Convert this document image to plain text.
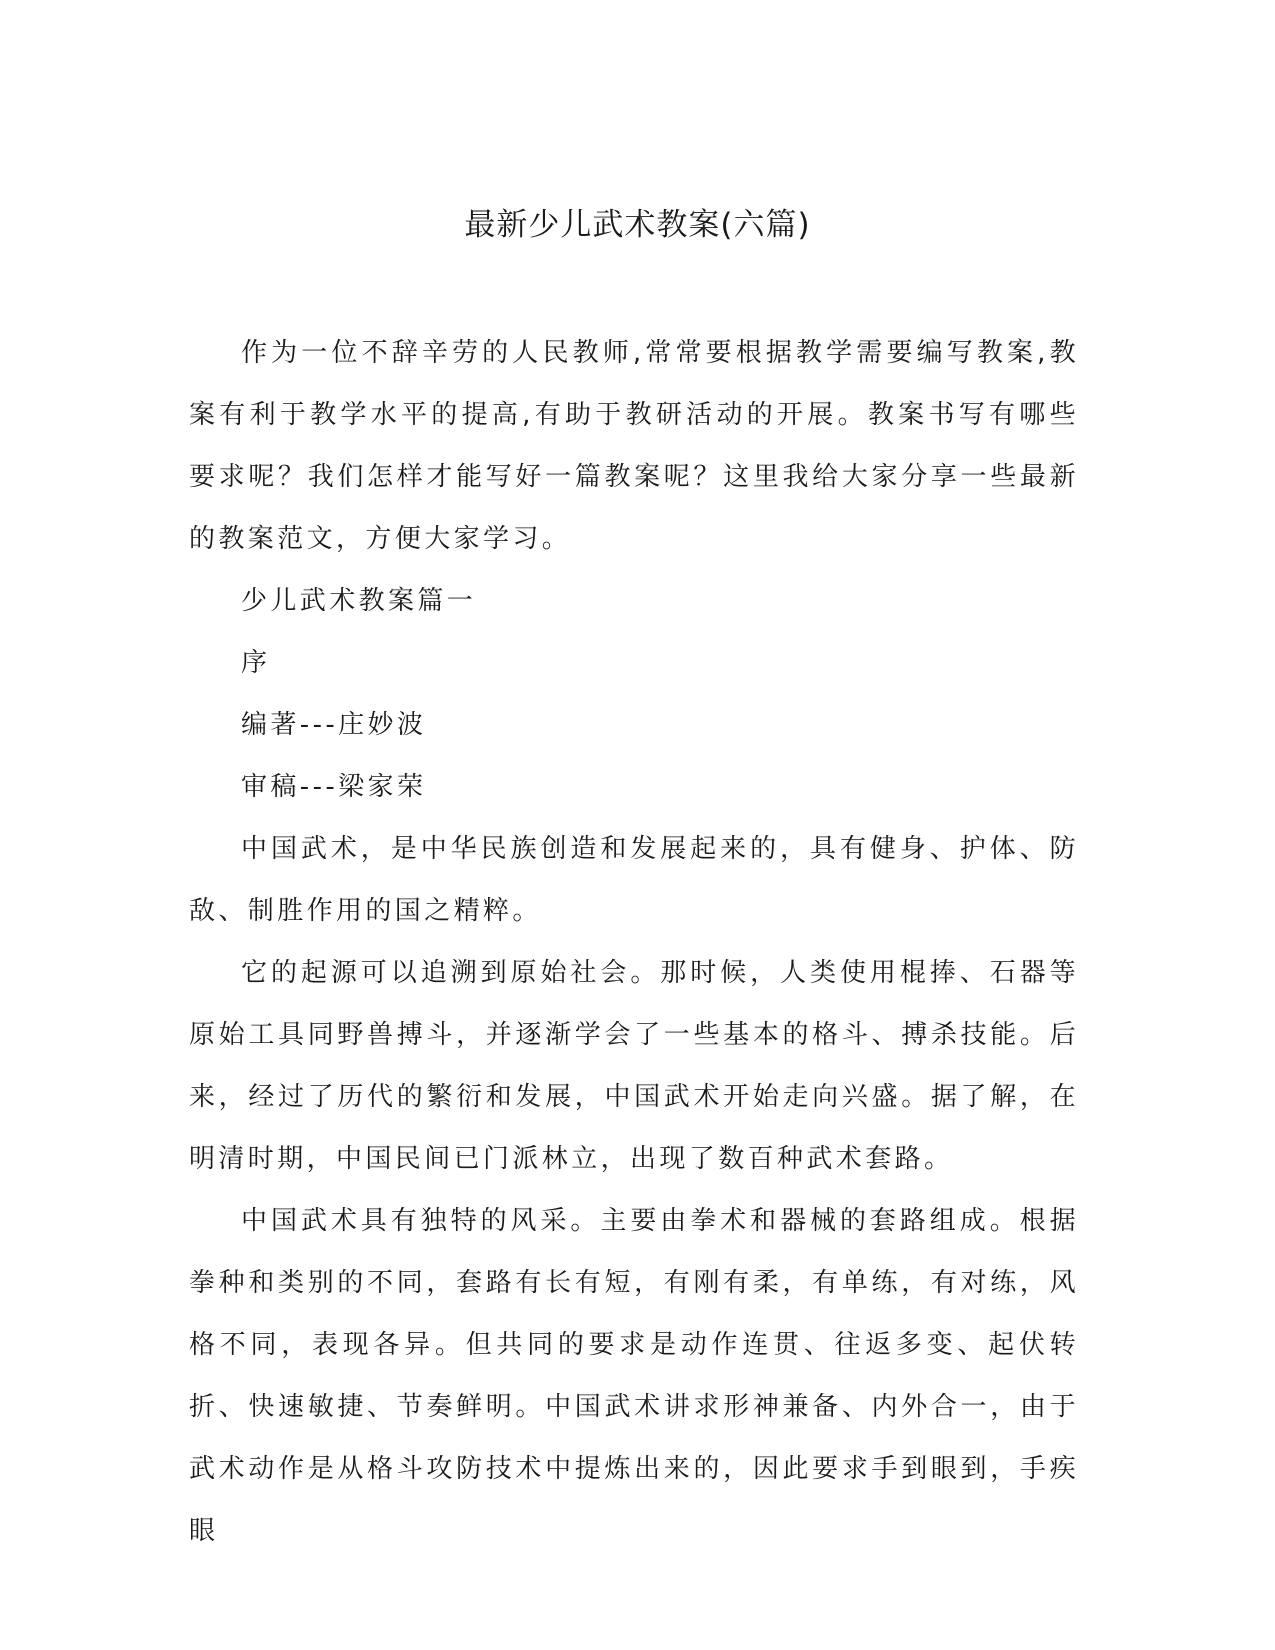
最新少儿武术教案(六篇)

作为一位不辞辛劳的人民教师,常常要根据教学需要编写教案,教案有利于教学水平的提高,有助于教研活动的开展。教案书写有哪些要求呢？我们怎样才能写好一篇教案呢？这里我给大家分享一些最新的教案范文，方便大家学习。

少儿武术教案篇一

序

编著---庄妙波

审稿---梁家荣

中国武术，是中华民族创造和发展起来的，具有健身、护体、防敌、制胜作用的国之精粹。

它的起源可以追溯到原始社会。那时候，人类使用棍捧、石器等原始工具同野兽搏斗，并逐渐学会了一些基本的格斗、搏杀技能。后来，经过了历代的繁衍和发展，中国武术开始走向兴盛。据了解，在明清时期，中国民间已门派林立，出现了数百种武术套路。

中国武术具有独特的风采。主要由拳术和器械的套路组成。根据拳种和类别的不同，套路有长有短，有刚有柔，有单练，有对练，风格不同，表现各异。但共同的要求是动作连贯、往返多变、起伏转折、快速敏捷、节奏鲜明。中国武术讲求形神兼备、内外合一，由于武术动作是从格斗攻防技术中提炼出来的，因此要求手到眼到，手疾眼
